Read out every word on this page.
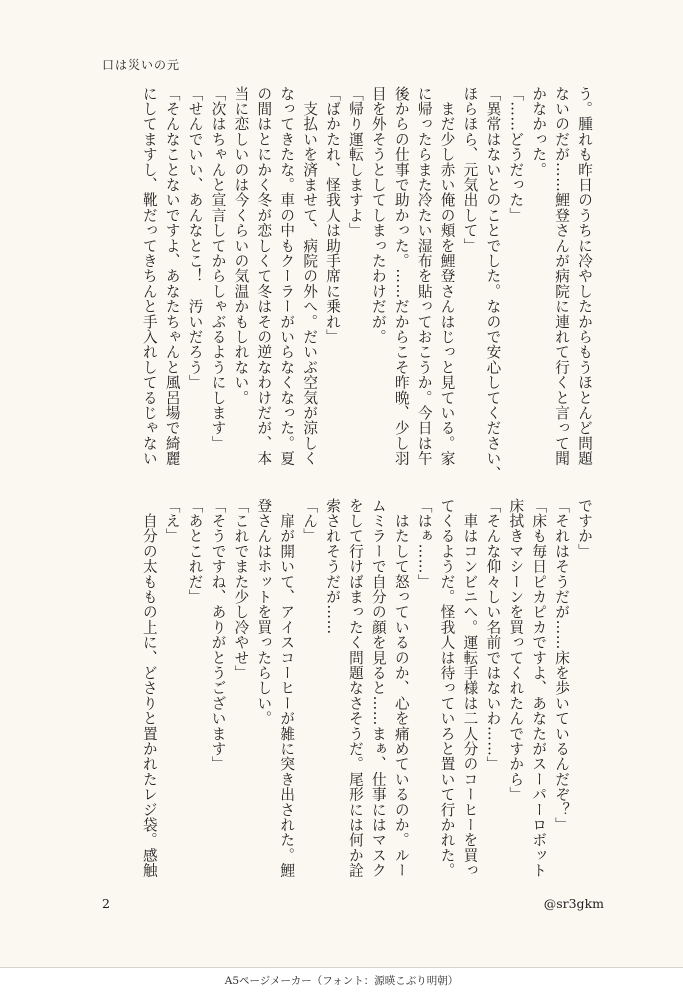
口は災いの元
う。腫れも昨日のうちに冷やしたからもうほとんど問題
ないのだが……鯉登さんが病院に連れて行くと言って聞
かなかった。
「……どうだった」
「異常はないとのことでした。なので安心してください、
ほらほら、元気出して」
　まだ少し赤い俺の頬を鯉登さんはじっと見ている。家
に帰ったらまた冷たい湿布を貼っておこうか。今日は午
後からの仕事で助かった。……だからこそ昨晩、少し羽
目を外そうとしてしまったわけだが。
「帰り運転しますよ」
「ばかたれ、怪我人は助手席に乗れ」
　支払いを済ませて、病院の外へ。だいぶ空気が涼しく
なってきたな。車の中もクーラーがいらなくなった。夏
の間はとにかく冬が恋しくて冬はその逆なわけだが、本
当に恋しいのは今くらいの気温かもしれない。
「次はちゃんと宣言してからしゃぶるようにします」
「せんでいい、あんなとこ！　汚いだろう」
「そんなことないですよ、あなたちゃんと風呂場で綺麗
にしてますし、靴だってきちんと手入れしてるじゃない
ですか」
「それはそうだが……床を歩いているんだぞ？」
「床も毎日ピカピカですよ、あなたがスーパーロボット
床拭きマシーンを買ってくれたんですから」
「そんな仰々しい名前ではないわ……」
　車はコンビニへ。運転手様は二人分のコーヒーを買っ
てくるようだ。怪我人は待っていろと置いて行かれた。
「はぁ……」
　はたして怒っているのか、心を痛めているのか。ルー
ムミラーで自分の顔を見ると……まぁ、仕事にはマスク
をして行けばまったく問題なさそうだ。尾形には何か詮
索されそうだが……
「ん」
　扉が開いて、アイスコーヒーが雑に突き出された。鯉
登さんはホットを買ったらしい。
「これでまた少し冷やせ」
「そうですね、ありがとうございます」
「あとこれだ」
「え」
　自分の太ももの上に、どさりと置かれたレジ袋。感触
2	@sr3gkm
A5ページメーカー（フォント：源暎こぶり明朝）
